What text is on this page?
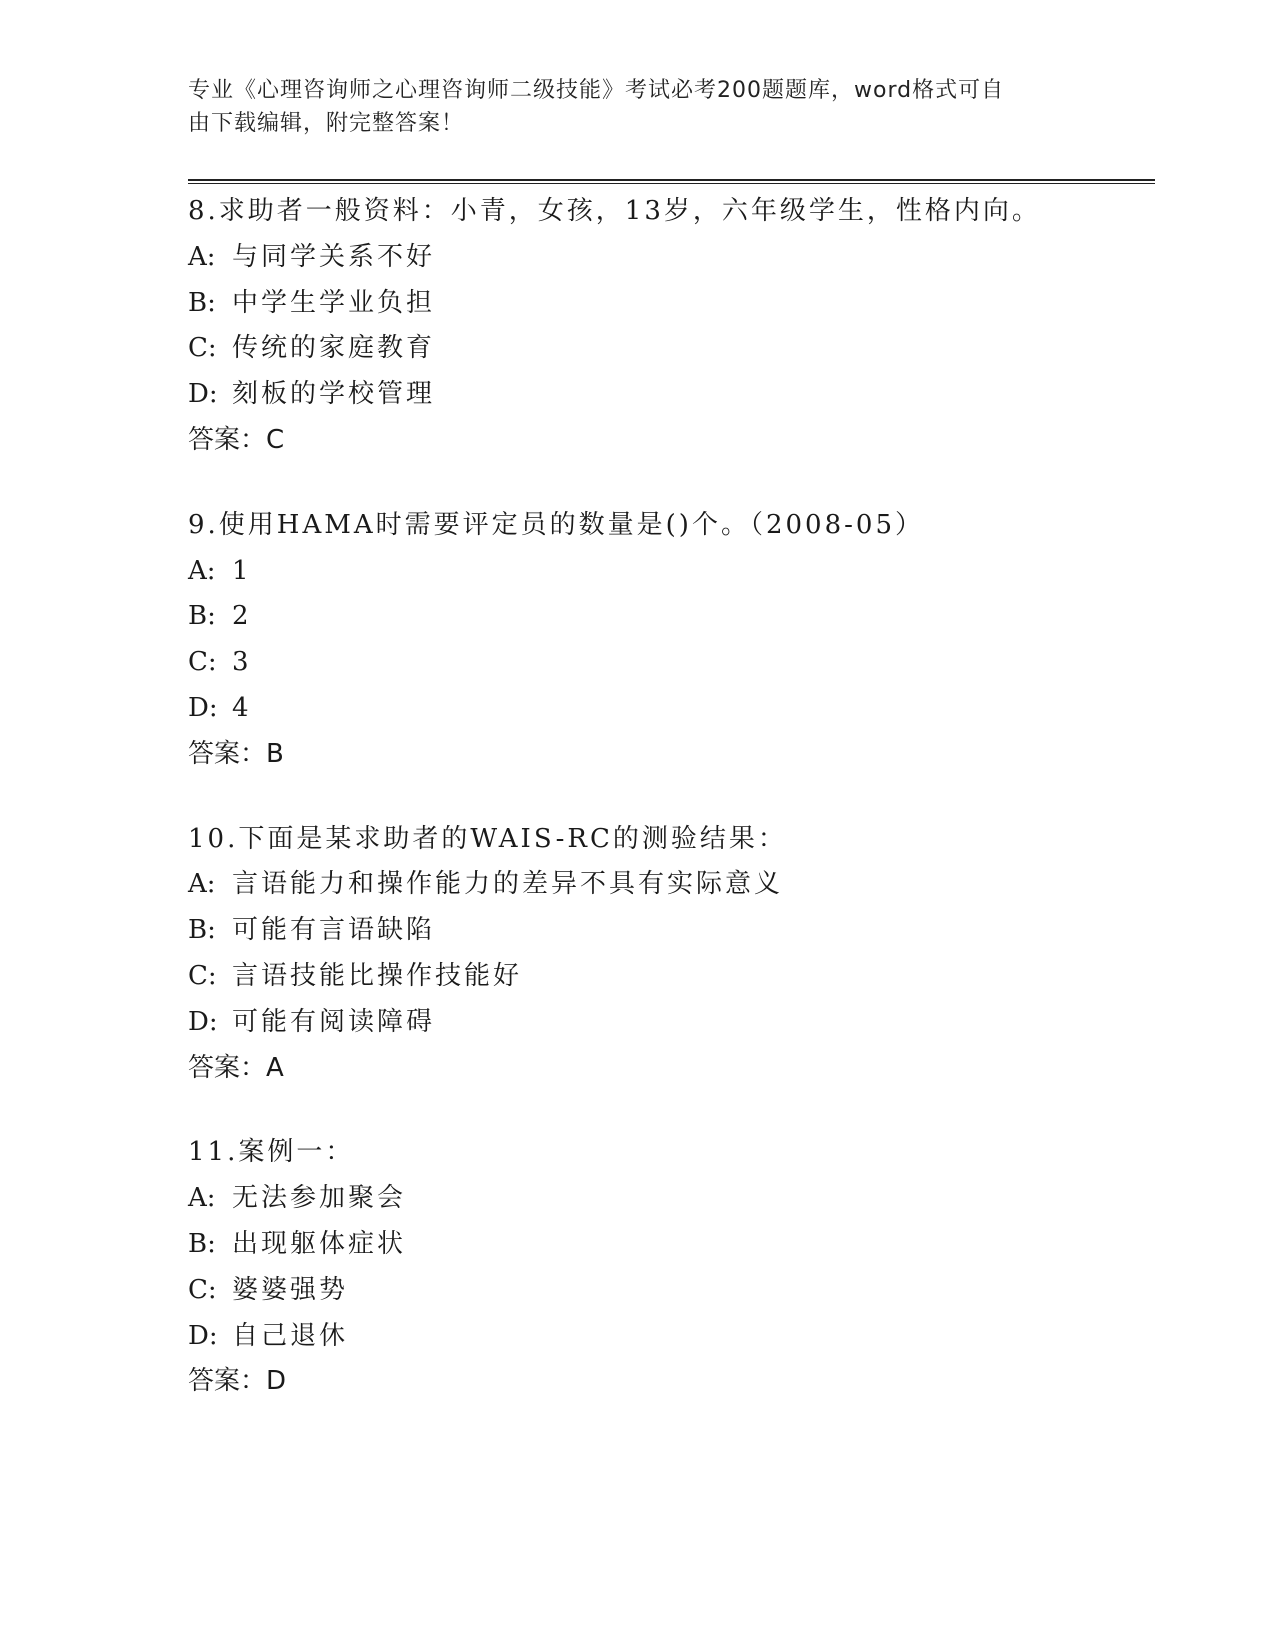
专业《心理咨询师之心理咨询师二级技能》考试必考200题题库，word格式可自
由下载编辑，附完整答案！
8.求助者一般资料：小青，女孩，13岁，六年级学生，性格内向。
A: 与同学关系不好
B: 中学生学业负担
C: 传统的家庭教育
D: 刻板的学校管理
答案：C
9.使用HAMA时需要评定员的数量是()个。（2008-05）
A: 1
B: 2
C: 3
D: 4
答案：B
10.下面是某求助者的WAIS-RC的测验结果：
A: 言语能力和操作能力的差异不具有实际意义
B: 可能有言语缺陷
C: 言语技能比操作技能好
D: 可能有阅读障碍
答案：A
11.案例一：
A: 无法参加聚会
B: 出现躯体症状
C: 婆婆强势
D: 自己退休
答案：D
